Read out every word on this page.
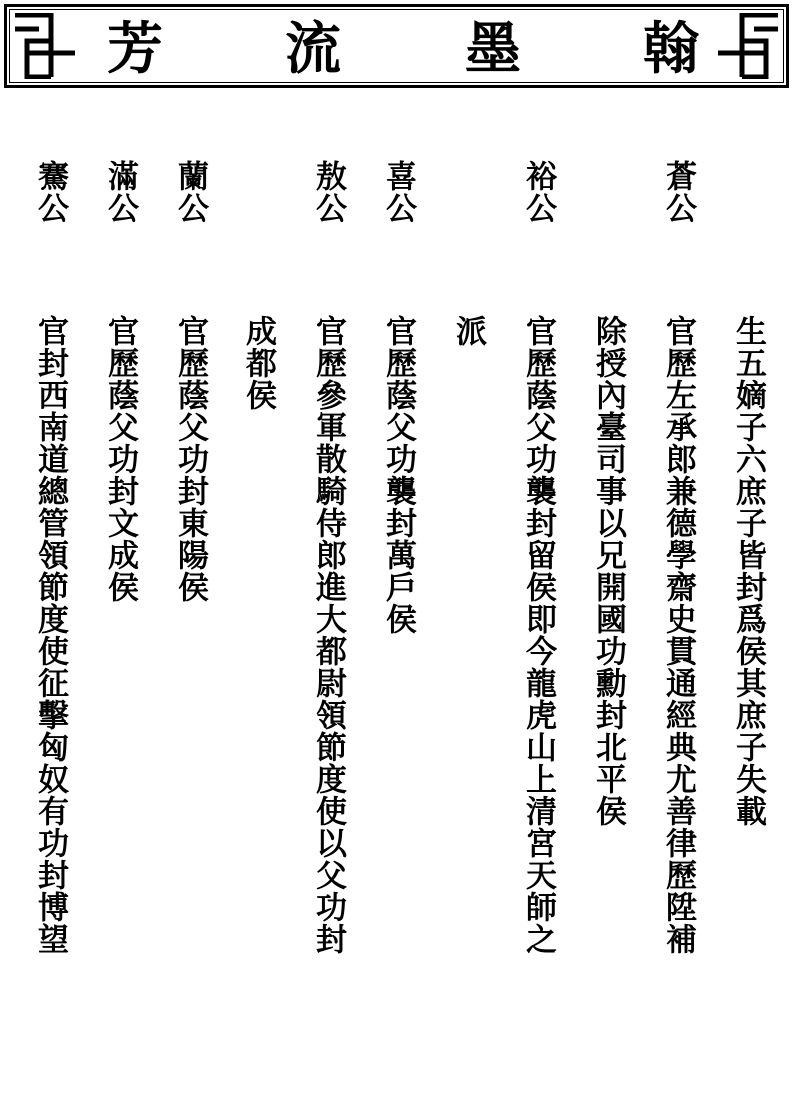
芳 流 墨 翰
蒼公
裕公
喜公
敖公
蘭公
滿公
騫公
生五嫡子六庶子皆封爲侯其庶子失載
官歷左承郎兼德學齋史貫通經典尤善律歷陞補
除授內臺司事以兄開國功勳封北平侯
官歷蔭父功襲封留侯即今龍虎山上清宮天師之
派
官歷蔭父功襲封萬戶侯
官歷參軍散騎侍郎進大都尉領節度使以父功封
成都侯
官歷蔭父功封東陽侯
官歷蔭父功封文成侯
官封西南道總管領節度使征擊匈奴有功封博望
